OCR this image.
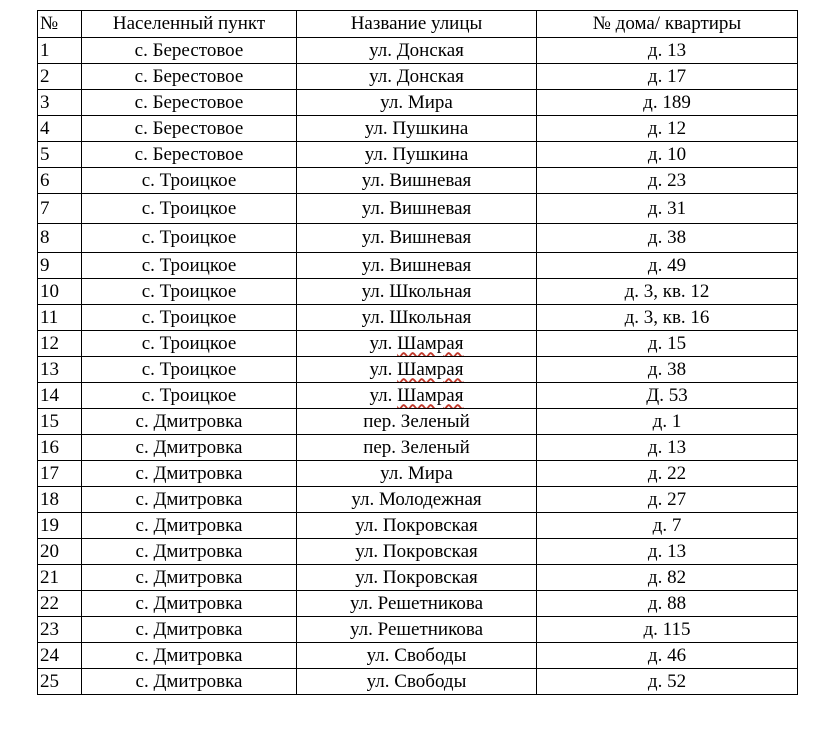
№	Населенный пункт	Название улицы	№ дома/ квартиры
1	с. Берестовое	ул. Донская	д. 13
2	с. Берестовое	ул. Донская	д. 17
3	с. Берестовое	ул. Мира	д. 189
4	с. Берестовое	ул. Пушкина	д. 12
5	с. Берестовое	ул. Пушкина	д. 10
6	с. Троицкое	ул. Вишневая	д. 23
7	с. Троицкое	ул. Вишневая	д. 31
8	с. Троицкое	ул. Вишневая	д. 38
9	с. Троицкое	ул. Вишневая	д. 49
10	с. Троицкое	ул. Школьная	д. 3, кв. 12
11	с. Троицкое	ул. Школьная	д. 3, кв. 16
12	с. Троицкое	ул. Шамрая	д. 15
13	с. Троицкое	ул. Шамрая	д. 38
14	с. Троицкое	ул. Шамрая	Д. 53
15	с. Дмитровка	пер. Зеленый	д. 1
16	с. Дмитровка	пер. Зеленый	д. 13
17	с. Дмитровка	ул. Мира	д. 22
18	с. Дмитровка	ул. Молодежная	д. 27
19	с. Дмитровка	ул. Покровская	д. 7
20	с. Дмитровка	ул. Покровская	д. 13
21	с. Дмитровка	ул. Покровская	д. 82
22	с. Дмитровка	ул. Решетникова	д. 88
23	с. Дмитровка	ул. Решетникова	д. 115
24	с. Дмитровка	ул. Свободы	д. 46
25	с. Дмитровка	ул. Свободы	д. 52
